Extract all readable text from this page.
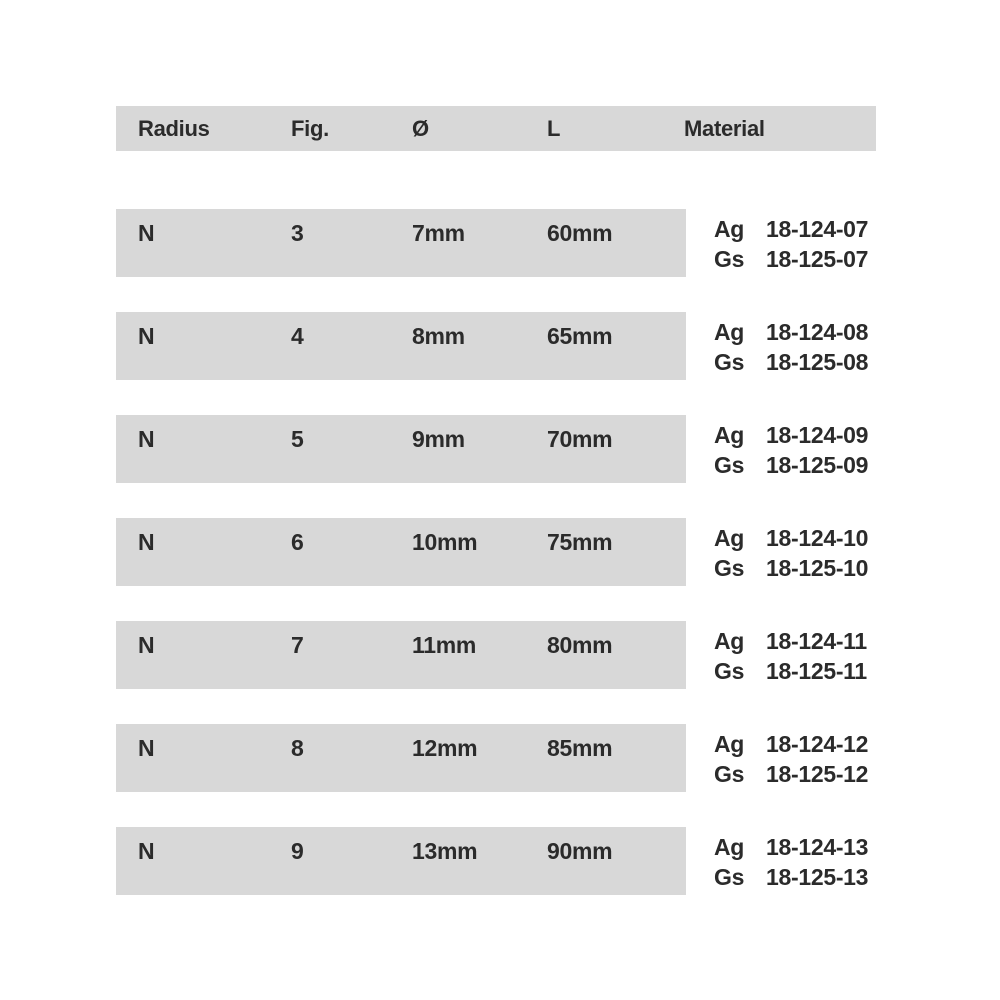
Radius	Fig.	Ø	L	Material
N	3	7mm	60mm	Ag 18-124-07
Gs 18-125-07
N	4	8mm	65mm	Ag 18-124-08
Gs 18-125-08
N	5	9mm	70mm	Ag 18-124-09
Gs 18-125-09
N	6	10mm	75mm	Ag 18-124-10
Gs 18-125-10
N	7	11mm	80mm	Ag 18-124-11
Gs 18-125-11
N	8	12mm	85mm	Ag 18-124-12
Gs 18-125-12
N	9	13mm	90mm	Ag 18-124-13
Gs 18-125-13
